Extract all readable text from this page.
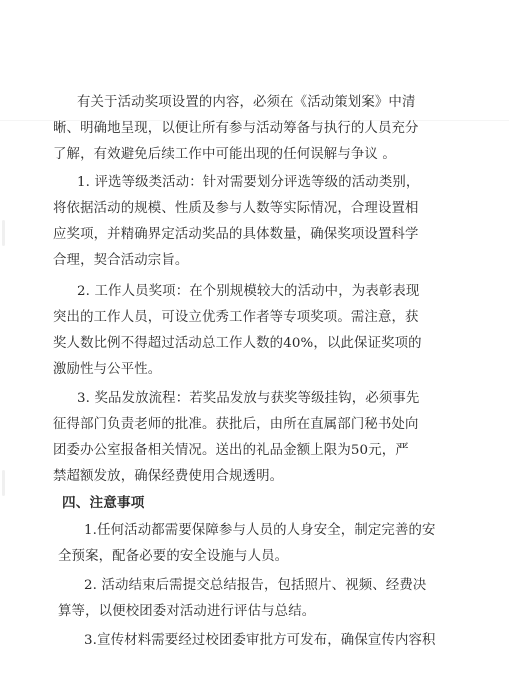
有关于活动奖项设置的内容，必须在《活动策划案》中清
晰、明确地呈现，以便让所有参与活动筹备与执行的人员充分
了解，有效避免后续工作中可能出现的任何误解与争议 。
1. 评选等级类活动：针对需要划分评选等级的活动类别，
将依据活动的规模、性质及参与人数等实际情况，合理设置相
应奖项，并精确界定活动奖品的具体数量，确保奖项设置科学
合理，契合活动宗旨。
2. 工作人员奖项：在个别规模较大的活动中，为表彰表现
突出的工作人员，可设立优秀工作者等专项奖项。需注意，获
奖人数比例不得超过活动总工作人数的40%，以此保证奖项的
激励性与公平性。
3. 奖品发放流程：若奖品发放与获奖等级挂钩，必须事先
征得部门负责老师的批准。获批后，由所在直属部门秘书处向
团委办公室报备相关情况。送出的礼品金额上限为50元，严
禁超额发放，确保经费使用合规透明。
四、注意事项
1.任何活动都需要保障参与人员的人身安全，制定完善的安
全预案，配备必要的安全设施与人员。
2. 活动结束后需提交总结报告，包括照片、视频、经费决
算等，以便校团委对活动进行评估与总结。
3.宣传材料需要经过校团委审批方可发布，确保宣传内容积
